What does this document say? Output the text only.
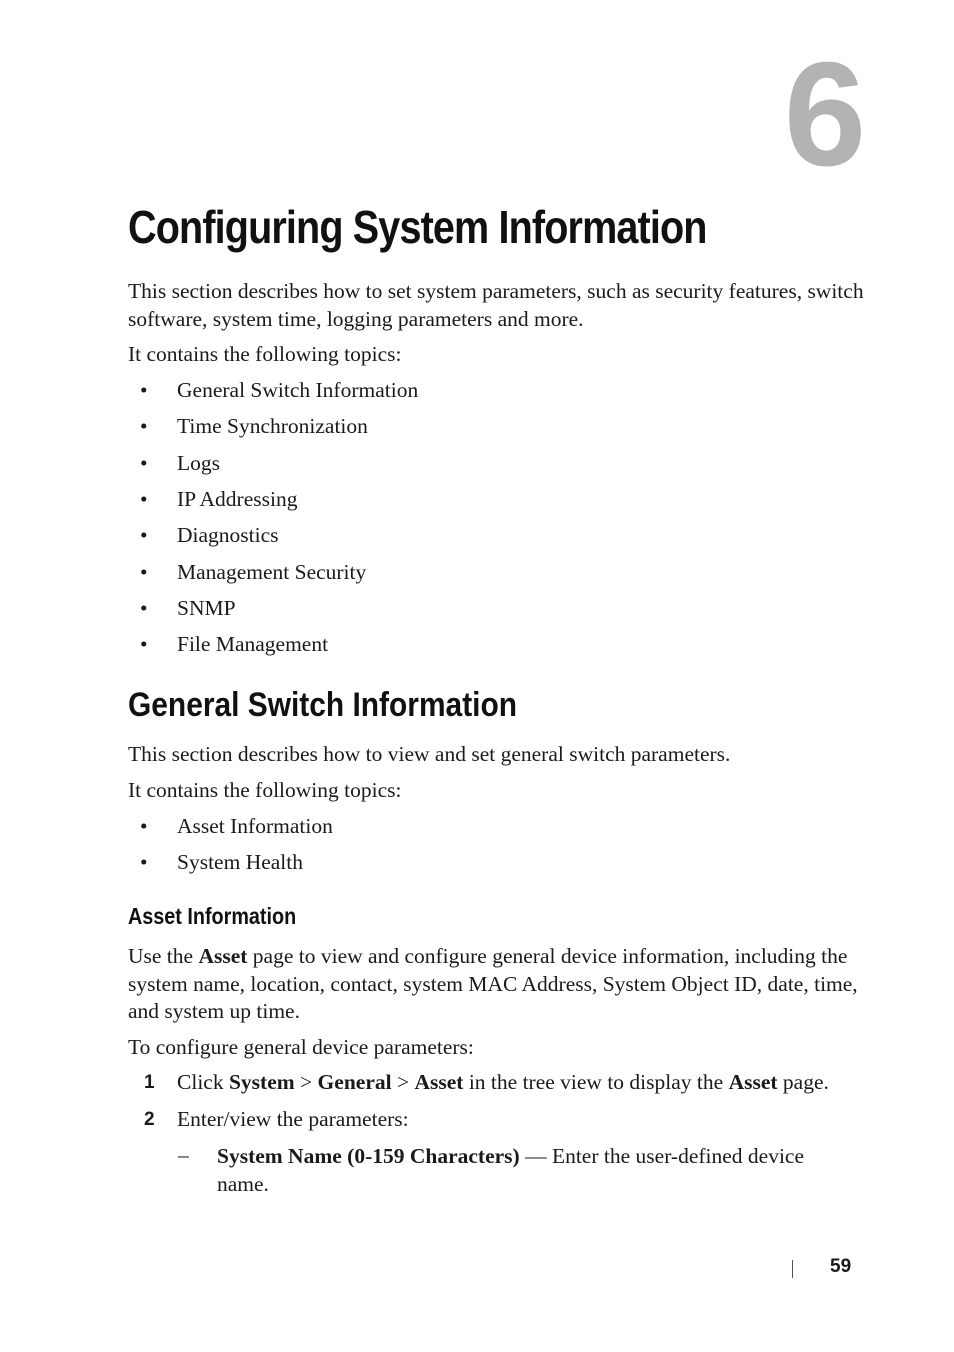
6
Configuring System Information
This section describes how to set system parameters, such as security features, switch software, system time, logging parameters and more.
It contains the following topics:
• General Switch Information
• Time Synchronization
• Logs
• IP Addressing
• Diagnostics
• Management Security
• SNMP
• File Management
General Switch Information
This section describes how to view and set general switch parameters.
It contains the following topics:
• Asset Information
• System Health
Asset Information
Use the Asset page to view and configure general device information, including the system name, location, contact, system MAC Address, System Object ID, date, time, and system up time.
To configure general device parameters:
1 Click System > General > Asset in the tree view to display the Asset page.
2 Enter/view the parameters:
– System Name (0-159 Characters) — Enter the user-defined device name.
59
